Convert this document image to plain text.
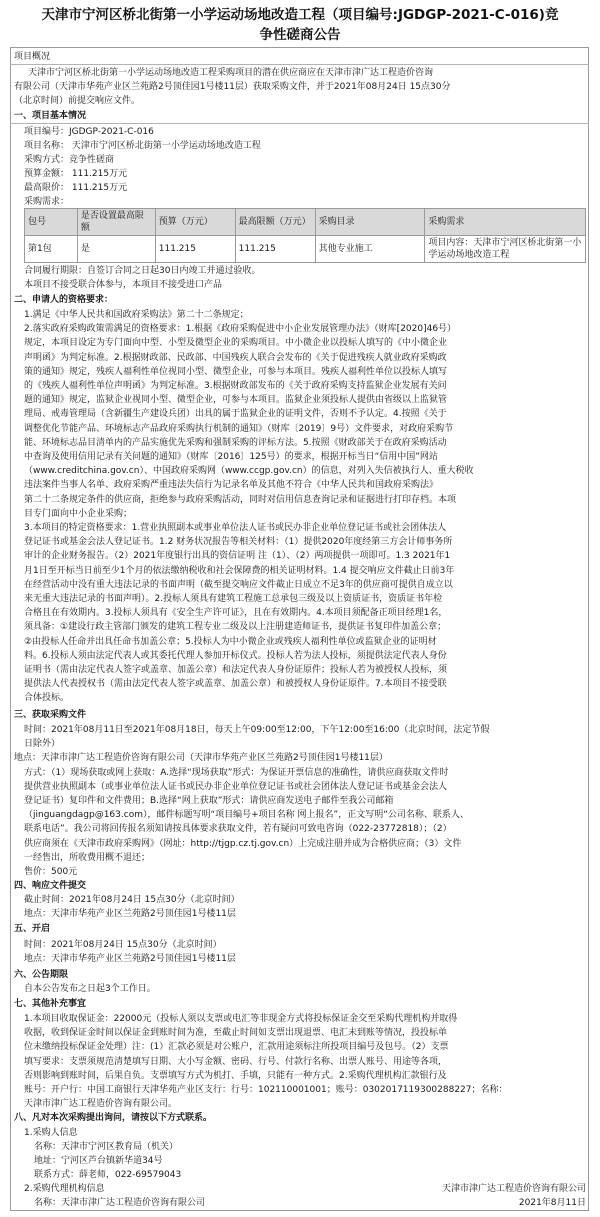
天津市宁河区桥北街第一小学运动场地改造工程（项目编号:JGDGP-2021-C-016)竞
争性磋商公告
项目概况
天津市宁河区桥北街第一小学运动场地改造工程采购项目的潜在供应商应在天津市津广达工程造价咨询
有限公司（天津市华苑产业区兰苑路2号顶佳园1号楼11层）获取采购文件，并于2021年08月24日 15点30分
（北京时间）前提交响应文件。
一、项目基本情况
项目编号：JGDGP-2021-C-016
项目名称： 天津市宁河区桥北街第一小学运动场地改造工程
采购方式：竞争性磋商
预算金额： 111.215万元
最高限价： 111.215万元
采购需求：
包号	是否设置最高限额	预算（万元）	最高限额（万元）	采购目录	采购需求
第1包	是	111.215	111.215	其他专业施工	项目内容：天津市宁河区桥北街第一小学运动场地改造工程
合同履行期限：自签订合同之日起30日内竣工并通过验收。
本项目不接受联合体参与，本项目不接受进口产品
二、申请人的资格要求：
1.满足《中华人民共和国政府采购法》第二十二条规定；
2.落实政府采购政策需满足的资格要求：1.根据《政府采购促进中小企业发展管理办法》（财库[2020]46号）
规定，本项目设定为专门面向中型、小型及微型企业的采购项目。中小微企业以投标人填写的《中小微企业
声明函》为判定标准。2.根据财政部、民政部、中国残疾人联合会发布的《关于促进残疾人就业政府采购政
策的通知》规定，残疾人福利性单位视同小型、微型企业，可参与本项目。残疾人福利性单位以投标人填写
的《残疾人福利性单位声明函》为判定标准。3.根据财政部发布的《关于政府采购支持监狱企业发展有关问
题的通知》规定，监狱企业视同小型、微型企业，可参与本项目。监狱企业须投标人提供由省级以上监狱管
理局、戒毒管理局（含新疆生产建设兵团）出具的属于监狱企业的证明文件，否则不予认定。4.按照《关于
调整优化节能产品、环境标志产品政府采购执行机制的通知》（财库〔2019〕9号）文件要求，对政府采购节
能、环境标志品目清单内的产品实施优先采购和强制采购的评标方法。5.按照《财政部关于在政府采购活动
中查询及使用信用记录有关问题的通知》（财库〔2016〕125号）的要求，根据开标当日“信用中国”网站
（www.creditchina.gov.cn）、中国政府采购网（www.ccgp.gov.cn）的信息，对列入失信被执行人、重大税收
违法案件当事人名单、政府采购严重违法失信行为记录名单及其他不符合《中华人民共和国政府采购法》
第二十二条规定条件的供应商，拒绝参与政府采购活动，同时对信用信息查询记录和证据进行打印存档。本项
目专门面向中小企业采购；
3.本项目的特定资格要求：1.营业执照副本或事业单位法人证书或民办非企业单位登记证书或社会团体法人
登记证书或基金会法人登记证书。1.2 财务状况报告等相关材料：（1）提供2020年度经第三方会计师事务所
审计的企业财务报告。（2）2021年度银行出具的资信证明 注（1）、（2）两项提供一项即可。1.3 2021年1
月1日至开标当日前至少1个月的依法缴纳税收和社会保障费的相关证明材料。1.4 提交响应文件截止日前3年
在经营活动中没有重大违法记录的书面声明（截至提交响应文件截止日成立不足3年的供应商可提供自成立以
来无重大违法记录的书面声明）。2.投标人须具有建筑工程施工总承包三级及以上资质证书，资质证书年检
合格且在有效期内。3.投标人须具有《安全生产许可证》，且在有效期内。4.本项目须配备正项目经理1名，
须具备：①建设行政主管部门颁发的建筑工程专业二级及以上注册建造师证书，提供证书复印件加盖公章；
②由投标人任命并出具任命书加盖公章；5.投标人为中小微企业或残疾人福利性单位或监狱企业的证明材
料。6.投标人须由法定代表人或其委托代理人参加开标仪式。投标人若为法人投标，须提供法定代表人身份
证明书（需由法定代表人签字或盖章、加盖公章）和法定代表人身份证原件；投标人若为被授权人投标，须
提供法人代表授权书（需由法定代表人签字或盖章、加盖公章）和被授权人身份证原件。7.本项目不接受联
合体投标。
三、获取采购文件
时间：2021年08月11日至2021年08月18日，每天上午09:00至12:00，下午12:00至16:00（北京时间，法定节假
日除外）
地点：天津市津广达工程造价咨询有限公司（天津市华苑产业区兰苑路2号顶佳园1号楼11层）
方式：（1）现场获取或网上获取：A.选择“现场获取”形式：为保证开票信息的准确性，请供应商获取文件时
提供营业执照副本（或事业单位法人证书或民办非企业单位登记证书或社会团体法人登记证书或基金会法人
登记证书）复印件和文件费用；B.选择“网上获取”形式：请供应商发送电子邮件至我公司邮箱
（jinguangdagp@163.com），邮件标题写明“项目编号+项目名称 网上报名”，正文写明“公司名称、联系人、
联系电话”。我公司将回传报名须知请按具体要求获取文件，若有疑问可致电咨询（022-23772818）；（2）
供应商须在《天津市政府采购网》（网址：http://tjgp.cz.tj.gov.cn）上完成注册并成为合格供应商；（3）文件
一经售出，所收费用概不退还；
售价：500元
四、响应文件提交
截止时间：2021年08月24日 15点30分（北京时间）
地点：天津市华苑产业区兰苑路2号顶佳园1号楼11层
五、开启
时间：2021年08月24日 15点30分（北京时间）
地点：天津市华苑产业区兰苑路2号顶佳园1号楼11层
六、公告期限
自本公告发布之日起3个工作日。
七、其他补充事宜
1.本项目收取保证金：22000元（投标人须以支票或电汇等非现金方式将投标保证金交至采购代理机构并取得
收据，收到保证金时间以保证金到账时间为准，至截止时间如支票出现退票、电汇未到账等情况，投投标单
位未缴纳投标保证金处理）注：(1）汇款必须是对公账户，汇款用途须标注所投项目编号及包号。（2）支票
填写要求：支票须规范清楚填写日期、大小写金额、密码、行号、付款行名称、出票人账号、用途等各项，
否则影响到账时间，后果自负。支票填写方式为机打、手填，只能有一种方式。2.采购代理机构汇款银行及
账号：开户行：中国工商银行天津华苑产业区支行：行号：102110001001；账号：0302017119300288227；名称：
天津市津广达工程造价咨询有限公司。
八、凡对本次采购提出询问，请按以下方式联系。
1.采购人信息
名称：天津市宁河区教育局（机关）
地址：宁河区芦台镇新华道34号
联系方式：薛老师，022-69579043
2.采购代理机构信息
名称：天津市津广达工程造价咨询有限公司
天津市津广达工程造价咨询有限公司
2021年8月11日
